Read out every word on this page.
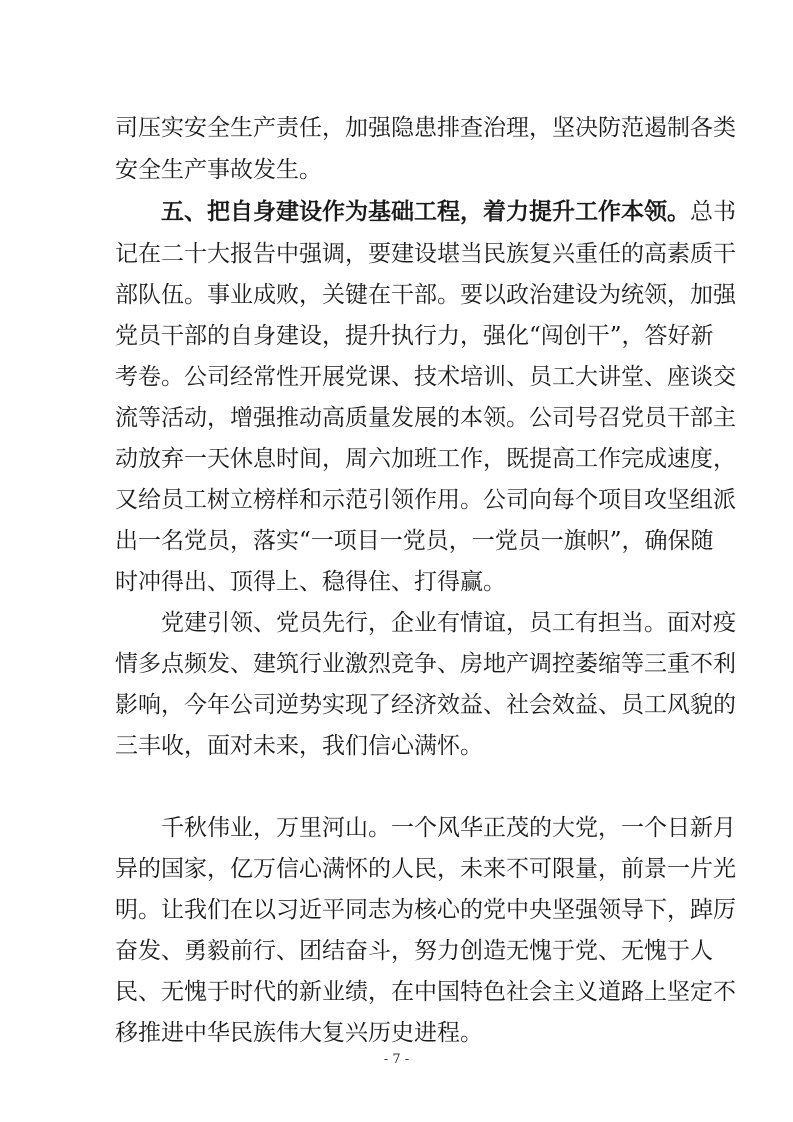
司压实安全生产责任，加强隐患排查治理，坚决防范遏制各类
安全生产事故发生。
五、把自身建设作为基础工程，着力提升工作本领。总书
记在二十大报告中强调，要建设堪当民族复兴重任的高素质干
部队伍。事业成败，关键在干部。要以政治建设为统领，加强
党员干部的自身建设，提升执行力，强化“闯创干”，答好新
考卷。公司经常性开展党课、技术培训、员工大讲堂、座谈交
流等活动，增强推动高质量发展的本领。公司号召党员干部主
动放弃一天休息时间，周六加班工作，既提高工作完成速度，
又给员工树立榜样和示范引领作用。公司向每个项目攻坚组派
出一名党员，落实“一项目一党员，一党员一旗帜”，确保随
时冲得出、顶得上、稳得住、打得赢。
党建引领、党员先行，企业有情谊，员工有担当。面对疫
情多点频发、建筑行业激烈竞争、房地产调控萎缩等三重不利
影响，今年公司逆势实现了经济效益、社会效益、员工风貌的
三丰收，面对未来，我们信心满怀。
千秋伟业，万里河山。一个风华正茂的大党，一个日新月
异的国家，亿万信心满怀的人民，未来不可限量，前景一片光
明。让我们在以习近平同志为核心的党中央坚强领导下，踔厉
奋发、勇毅前行、团结奋斗，努力创造无愧于党、无愧于人
民、无愧于时代的新业绩，在中国特色社会主义道路上坚定不
移推进中华民族伟大复兴历史进程。
- 7 -
